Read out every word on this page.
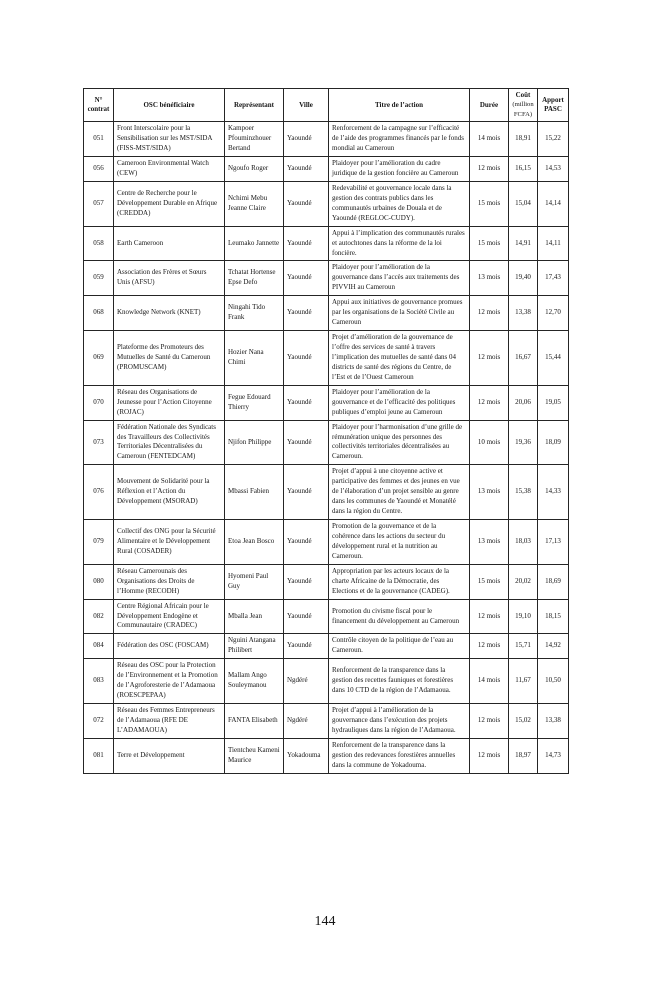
N° contrat	OSC bénéficiaire	Représentant	Ville	Titre de l’action	Durée	Coût (million FCFA)	Apport PASC
051	Front Interscolaire pour la Sensibilisation sur les MST/SIDA (FISS-MST/SIDA)	Kampoer Pfouminzhouer Bertand	Yaoundé	Renforcement de la campagne sur l’efficacité de l’aide des programmes financés par le fonds mondial au Cameroun	14 mois	18,91	15,22
056	Cameroon Environmental Watch (CEW)	Ngoufo Roger	Yaoundé	Plaidoyer pour l’amélioration du cadre juridique de la gestion foncière au Cameroun	12 mois	16,15	14,53
057	Centre de Recherche pour le Développement Durable en Afrique (CREDDA)	Nchimi Mebu Jeanne Claire	Yaoundé	Redevabilité et gouvernance locale dans la gestion des contrats publics dans les communautés urbaines de Douala et de Yaoundé (REGLOC-CUDY).	15 mois	15,04	14,14
058	Earth Cameroon	Leumako Jannette	Yaoundé	Appui à l’implication des communautés rurales et autochtones dans la réforme de la loi foncière.	15 mois	14,91	14,11
059	Association des Frères et Sœurs Unis (AFSU)	Tchatat Hortense Epse Defo	Yaoundé	Plaidoyer pour l’amélioration de la gouvernance dans l’accès aux traitements des PIVVIH au Cameroun	13 mois	19,40	17,43
068	Knowledge Network (KNET)	Ningahi Tido Frank	Yaoundé	Appui aux initiatives de gouvernance promues par les organisations de la Société Civile au Cameroun	12 mois	13,38	12,70
069	Plateforme des Promoteurs des Mutuelles de Santé du Cameroun (PROMUSCAM)	Hozier Nana Chimi	Yaoundé	Projet d’amélioration de la gouvernance de l’offre des services de santé à travers l’implication des mutuelles de santé dans 04 districts de santé des régions du Centre, de l’Est et de l’Ouest Cameroun	12 mois	16,67	15,44
070	Réseau des Organisations de Jeunesse pour l’Action Citoyenne (ROJAC)	Fegue Edouard Thierry	Yaoundé	Plaidoyer pour l’amélioration de la gouvernance et de l’efficacité des politiques publiques d’emploi jeune au Cameroun	12 mois	20,06	19,05
073	Fédération Nationale des Syndicats des Travailleurs des Collectivités Territoriales Décentralisées du Cameroun (FENTEDCAM)	Njifon Philippe	Yaoundé	Plaidoyer pour l’harmonisation d’une grille de rémunération unique des personnes des collectivités territoriales décentralisées au Cameroun.	10 mois	19,36	18,09
076	Mouvement de Solidarité pour la Réflexion et l’Action du Développement (MSORAD)	Mbassi Fabien	Yaoundé	Projet d’appui à une citoyenne active et participative des femmes et des jeunes en vue de l’élaboration d’un projet sensible au genre dans les communes de Yaoundé et Monatélé dans la région du Centre.	13 mois	15,38	14,33
079	Collectif des ONG pour la Sécurité Alimentaire et le Développement Rural (COSADER)	Etoa Jean Bosco	Yaoundé	Promotion de la gouvernance et de la cohérence dans les actions du secteur du développement rural et la nutrition au Cameroun.	13 mois	18,03	17,13
080	Réseau Camerounais des Organisations des Droits de l’Homme (RECODH)	Hyomeni Paul Guy	Yaoundé	Appropriation par les acteurs locaux de la charte Africaine de la Démocratie, des Elections et de la gouvernance (CADEG).	15 mois	20,02	18,69
082	Centre Régional Africain pour le Développement Endogène et Communautaire (CRADEC)	Mballa Jean	Yaoundé	Promotion du civisme fiscal pour le financement du développement au Cameroun	12 mois	19,10	18,15
084	Fédération des OSC (FOSCAM)	Nguini Atangana Philibert	Yaoundé	Contrôle citoyen de la politique de l’eau au Cameroun.	12 mois	15,71	14,92
083	Réseau des OSC pour la Protection de l’Environnement et la Promotion de l’Agroforesterie de l’Adamaoua (ROESCPEPAA)	Mallam Ango Souleymanou	Ngdéré	Renforcement de la transparence dans la gestion des recettes fauniques et forestières dans 10 CTD de la région de l’Adamaoua.	14 mois	11,67	10,50
072	Réseau des Femmes Entrepreneurs de l’Adamaoua (RFE DE L’ADAMAOUA)	FANTA Elisabeth	Ngdéré	Projet d’appui à l’amélioration de la gouvernance dans l’exécution des projets hydrauliques dans la région de l’Adamaoua.	12 mois	15,02	13,38
081	Terre et Développement	Tientcheu Kameni Maurice	Yokadouma	Renforcement de la transparence dans la gestion des redevances forestières annuelles dans la commune de Yokadouma.	12 mois	18,97	14,73
144
